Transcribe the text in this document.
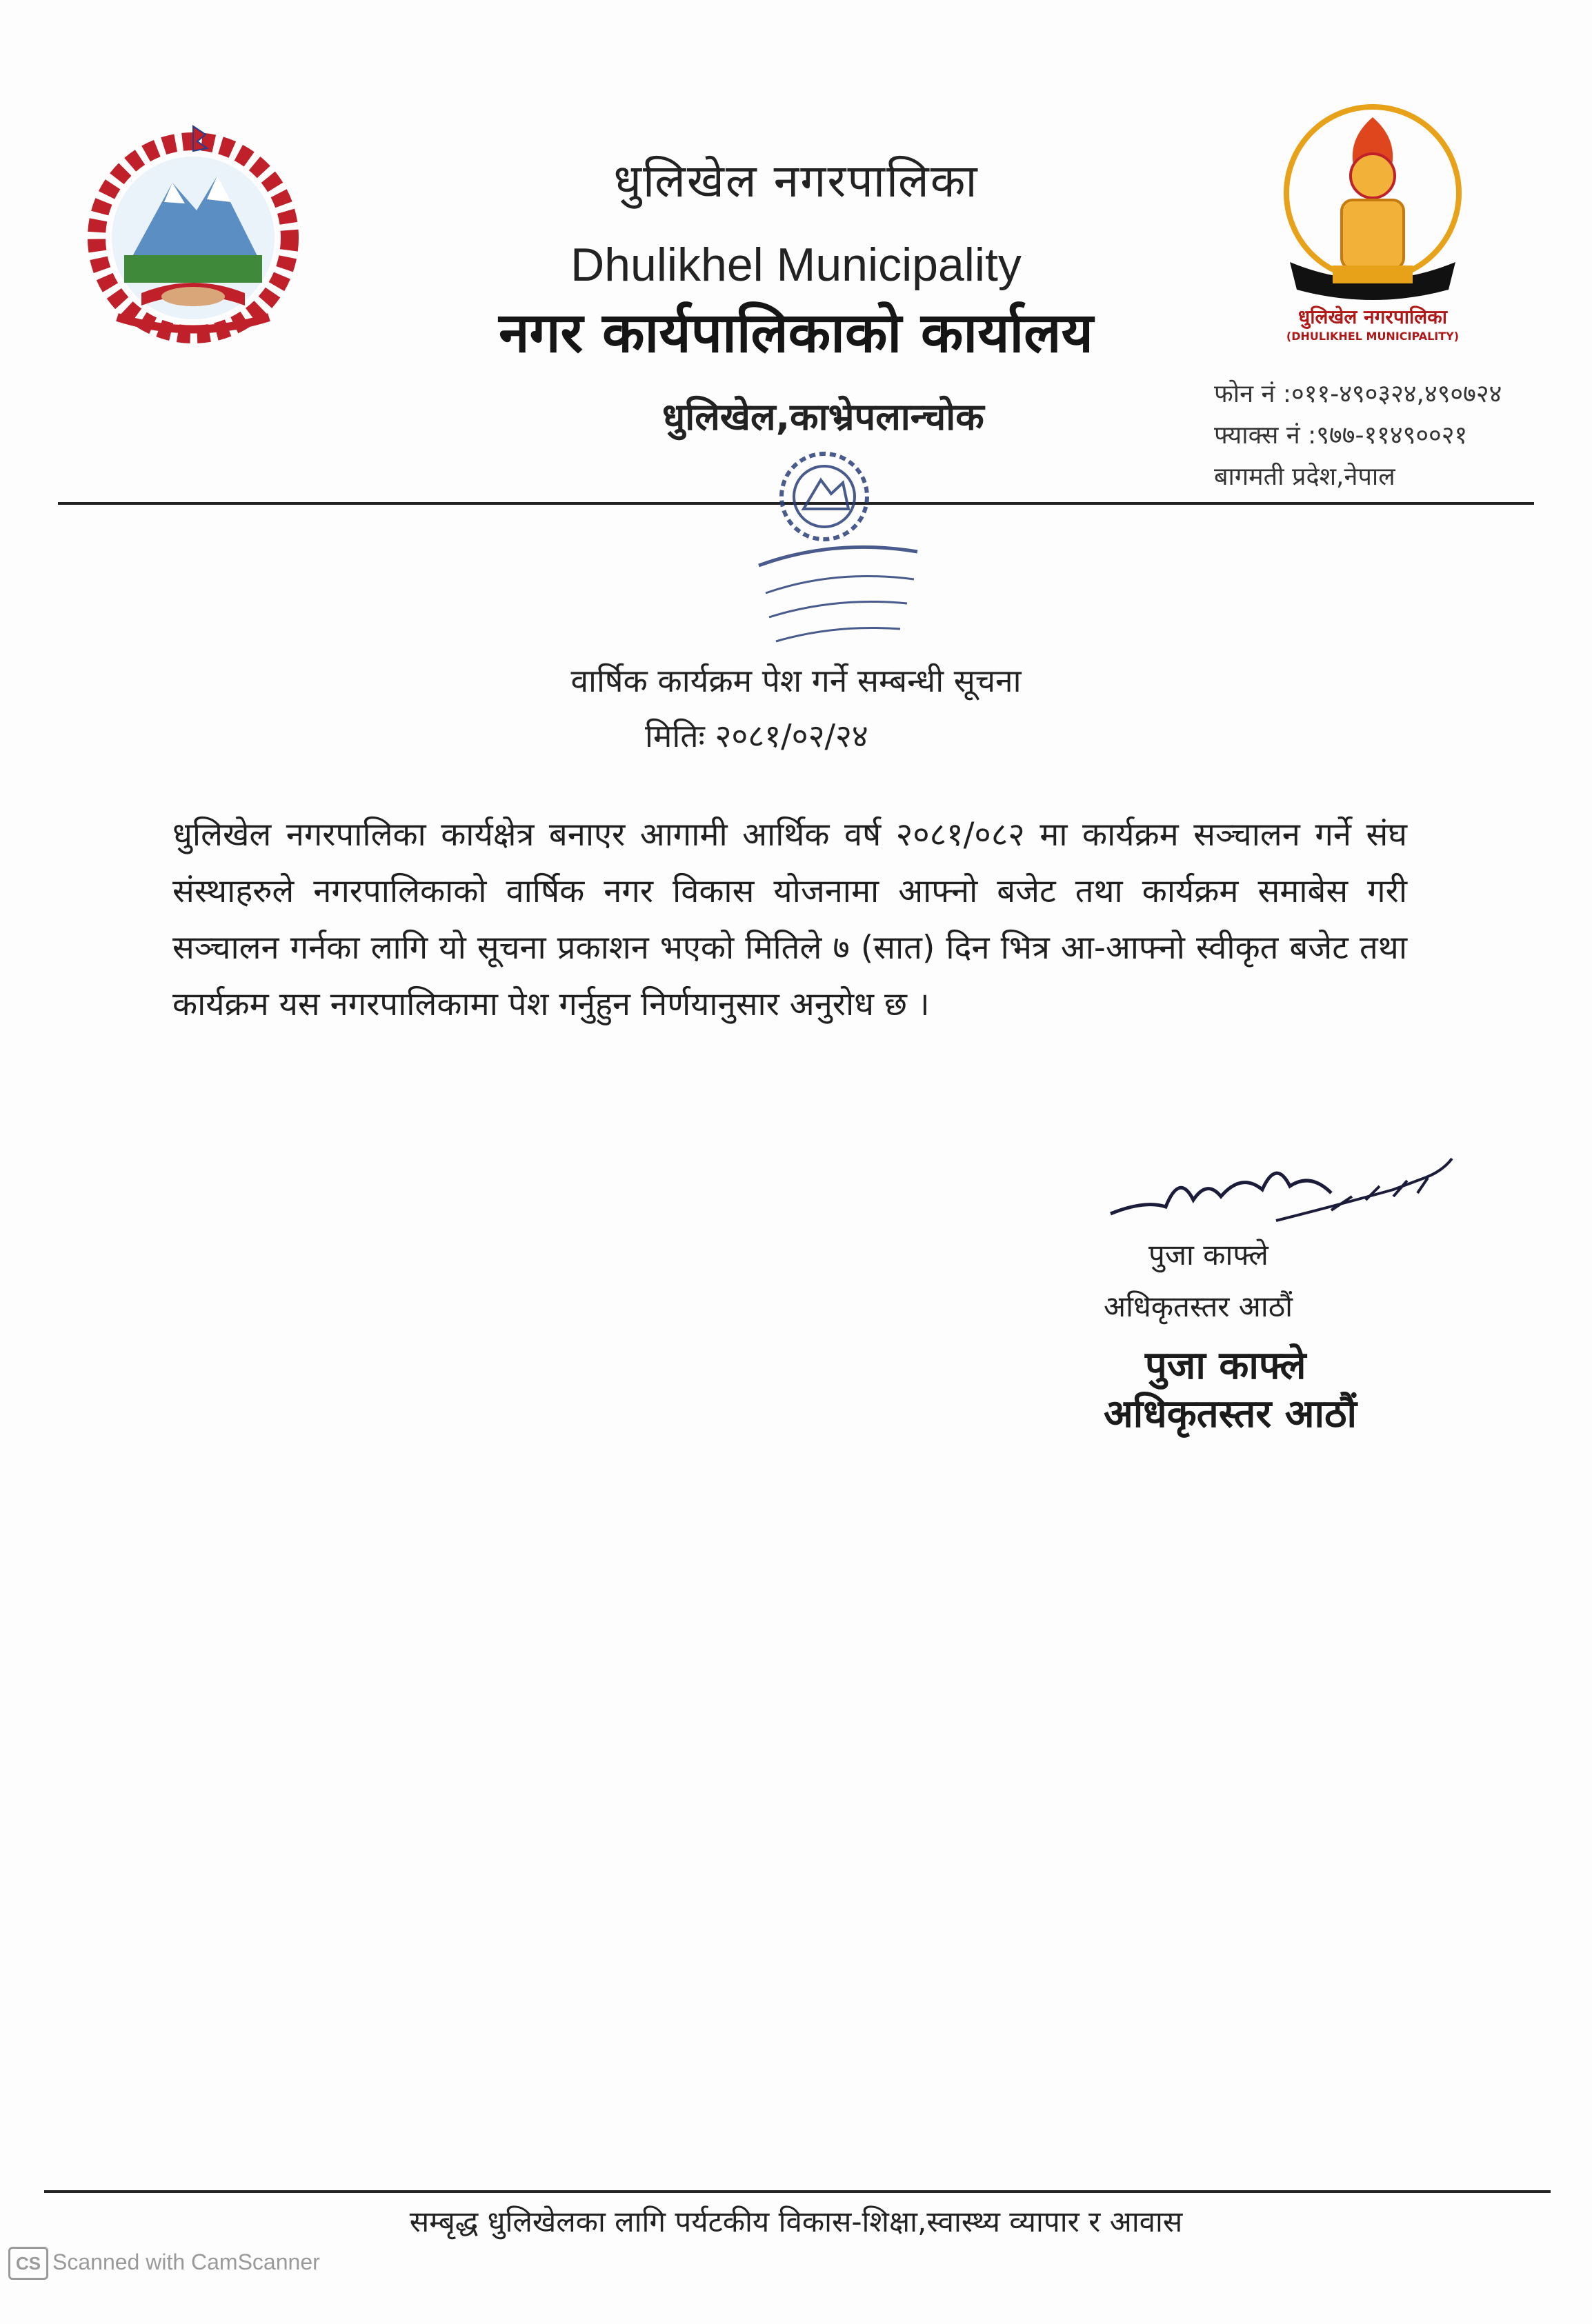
धुलिखेल नगरपालिका
Dhulikhel Municipality
नगर कार्यपालिकाको कार्यालय
धुलिखेल,काभ्रेपलान्चोक
धुलिखेल नगरपालिका
(DHULIKHEL MUNICIPALITY)
फोन नं :०११-४९०३२४,४९०७२४
फ्याक्स नं :९७७-११४९००२१
बागमती प्रदेश,नेपाल
वार्षिक कार्यक्रम पेश गर्ने सम्बन्धी सूचना
मितिः २०८१/०२/२४
धुलिखेल नगरपालिका कार्यक्षेत्र बनाएर आगामी आर्थिक वर्ष २०८१/०८२ मा कार्यक्रम सञ्चालन गर्ने संघ संस्थाहरुले नगरपालिकाको वार्षिक नगर विकास योजनामा आफ्नो बजेट तथा कार्यक्रम समाबेस गरी सञ्चालन गर्नका लागि यो सूचना प्रकाशन भएको मितिले ७ (सात) दिन भित्र आ-आफ्नो स्वीकृत बजेट तथा कार्यक्रम यस नगरपालिकामा पेश गर्नुहुन निर्णयानुसार अनुरोध छ ।
पुजा काफ्ले
अधिकृतस्तर आठौं
पुजा काफ्ले
अधिकृतस्तर आठौं
सम्बृद्ध धुलिखेलका लागि पर्यटकीय विकास-शिक्षा,स्वास्थ्य व्यापार र आवास
CS Scanned with CamScanner
